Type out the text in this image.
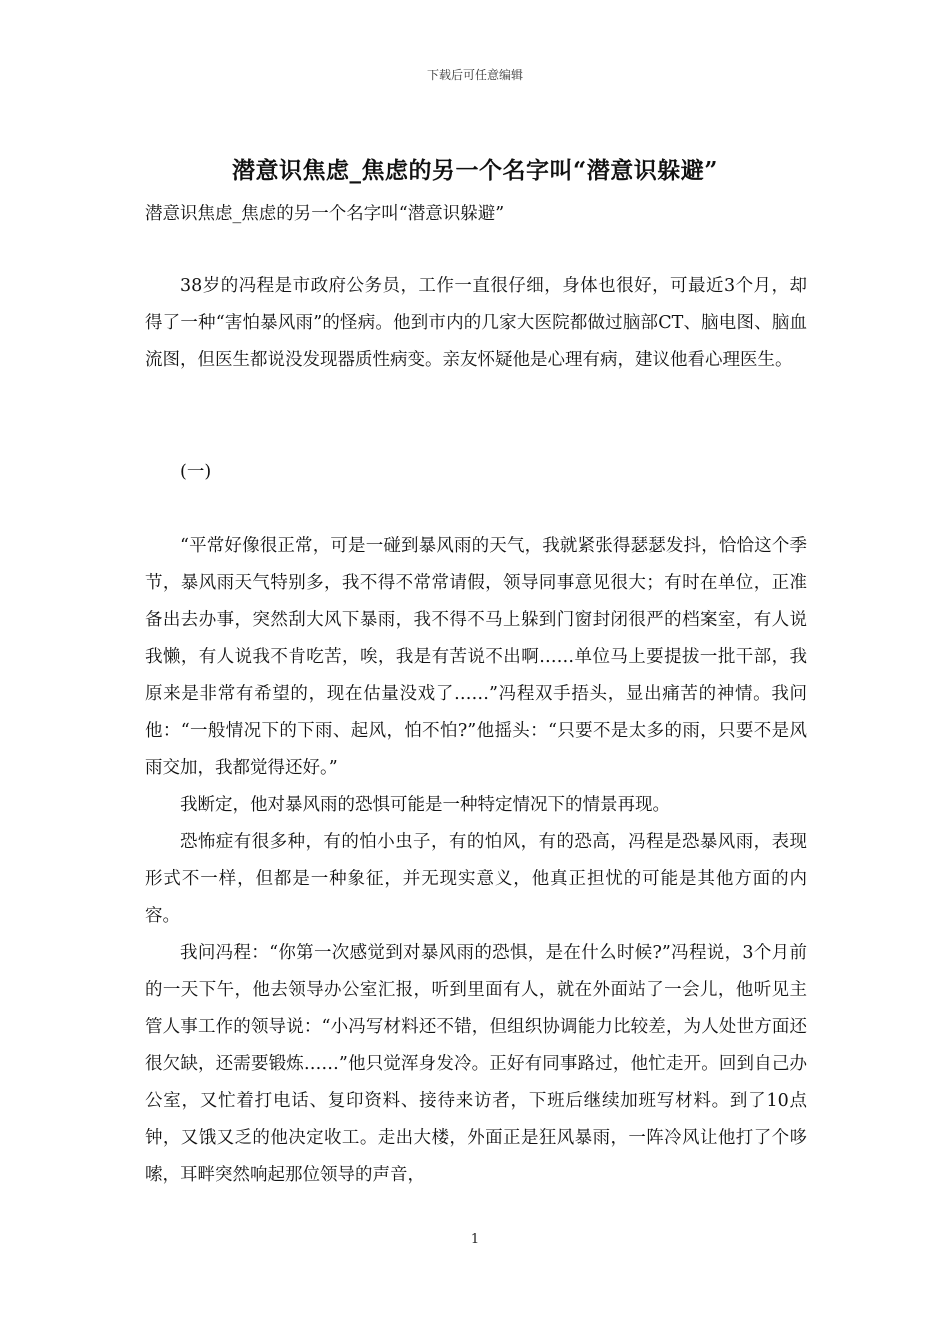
下载后可任意编辑
潜意识焦虑_焦虑的另一个名字叫“潜意识躲避”

潜意识焦虑_焦虑的另一个名字叫“潜意识躲避”

38岁的冯程是市政府公务员，工作一直很仔细，身体也很好，可最近3个月，却得了一种“害怕暴风雨”的怪病。他到市内的几家大医院都做过脑部CT、脑电图、脑血流图，但医生都说没发现器质性病变。亲友怀疑他是心理有病，建议他看心理医生。

(一)

“平常好像很正常，可是一碰到暴风雨的天气，我就紧张得瑟瑟发抖，恰恰这个季节，暴风雨天气特别多，我不得不常常请假，领导同事意见很大；有时在单位，正准备出去办事，突然刮大风下暴雨，我不得不马上躲到门窗封闭很严的档案室，有人说我懒，有人说我不肯吃苦，唉，我是有苦说不出啊……单位马上要提拔一批干部，我原来是非常有希望的，现在估量没戏了……”冯程双手捂头，显出痛苦的神情。我问他：“一般情况下的下雨、起风，怕不怕?”他摇头：“只要不是太多的雨，只要不是风雨交加，我都觉得还好。”

我断定，他对暴风雨的恐惧可能是一种特定情况下的情景再现。

恐怖症有很多种，有的怕小虫子，有的怕风，有的恐高，冯程是恐暴风雨，表现形式不一样，但都是一种象征，并无现实意义，他真正担忧的可能是其他方面的内容。

我问冯程：“你第一次感觉到对暴风雨的恐惧，是在什么时候?”冯程说，3个月前的一天下午，他去领导办公室汇报，听到里面有人，就在外面站了一会儿，他听见主管人事工作的领导说：“小冯写材料还不错，但组织协调能力比较差，为人处世方面还很欠缺，还需要锻炼……”他只觉浑身发冷。正好有同事路过，他忙走开。回到自己办公室，又忙着打电话、复印资料、接待来访者，下班后继续加班写材料。到了10点钟，又饿又乏的他决定收工。走出大楼，外面正是狂风暴雨，一阵冷风让他打了个哆嗦，耳畔突然响起那位领导的声音，

1
